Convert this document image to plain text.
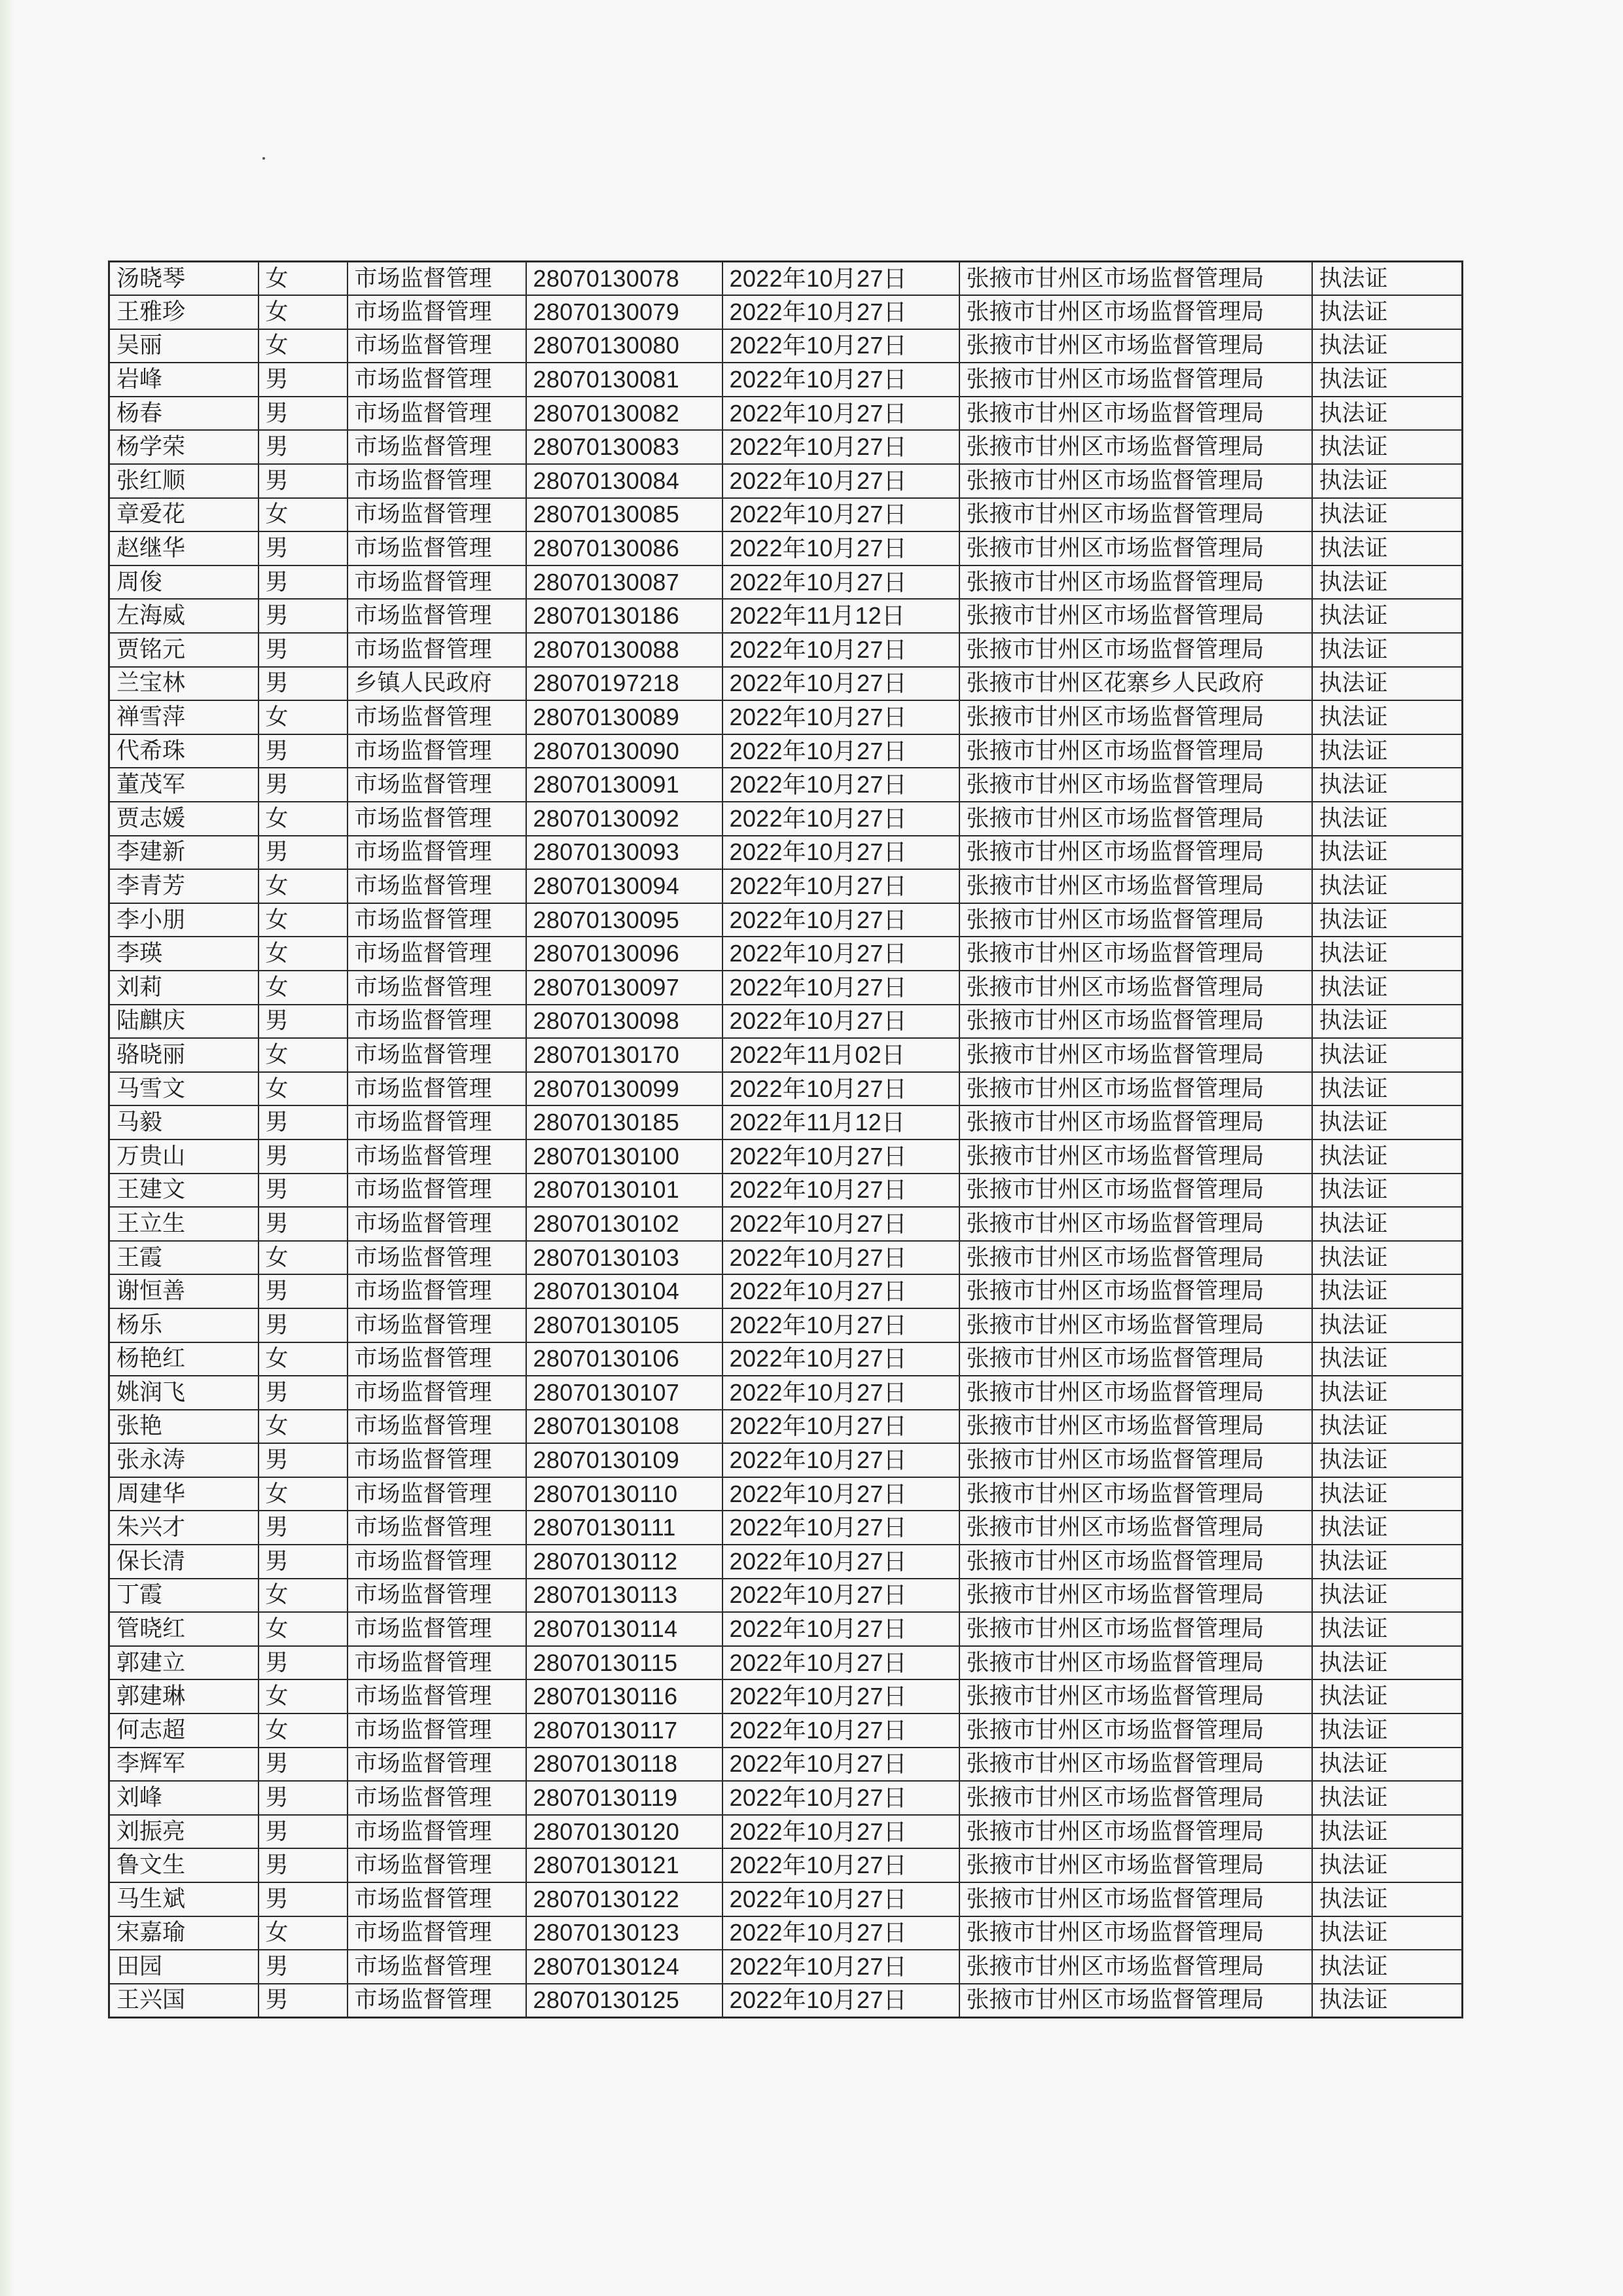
汤晓琴	女	市场监督管理	28070130078	2022年10月27日	张掖市甘州区市场监督管理局	执法证
王雅珍	女	市场监督管理	28070130079	2022年10月27日	张掖市甘州区市场监督管理局	执法证
吴丽	女	市场监督管理	28070130080	2022年10月27日	张掖市甘州区市场监督管理局	执法证
岩峰	男	市场监督管理	28070130081	2022年10月27日	张掖市甘州区市场监督管理局	执法证
杨春	男	市场监督管理	28070130082	2022年10月27日	张掖市甘州区市场监督管理局	执法证
杨学荣	男	市场监督管理	28070130083	2022年10月27日	张掖市甘州区市场监督管理局	执法证
张红顺	男	市场监督管理	28070130084	2022年10月27日	张掖市甘州区市场监督管理局	执法证
章爱花	女	市场监督管理	28070130085	2022年10月27日	张掖市甘州区市场监督管理局	执法证
赵继华	男	市场监督管理	28070130086	2022年10月27日	张掖市甘州区市场监督管理局	执法证
周俊	男	市场监督管理	28070130087	2022年10月27日	张掖市甘州区市场监督管理局	执法证
左海威	男	市场监督管理	28070130186	2022年11月12日	张掖市甘州区市场监督管理局	执法证
贾铭元	男	市场监督管理	28070130088	2022年10月27日	张掖市甘州区市场监督管理局	执法证
兰宝林	男	乡镇人民政府	28070197218	2022年10月27日	张掖市甘州区花寨乡人民政府	执法证
禅雪萍	女	市场监督管理	28070130089	2022年10月27日	张掖市甘州区市场监督管理局	执法证
代希珠	男	市场监督管理	28070130090	2022年10月27日	张掖市甘州区市场监督管理局	执法证
董茂军	男	市场监督管理	28070130091	2022年10月27日	张掖市甘州区市场监督管理局	执法证
贾志媛	女	市场监督管理	28070130092	2022年10月27日	张掖市甘州区市场监督管理局	执法证
李建新	男	市场监督管理	28070130093	2022年10月27日	张掖市甘州区市场监督管理局	执法证
李青芳	女	市场监督管理	28070130094	2022年10月27日	张掖市甘州区市场监督管理局	执法证
李小朋	女	市场监督管理	28070130095	2022年10月27日	张掖市甘州区市场监督管理局	执法证
李瑛	女	市场监督管理	28070130096	2022年10月27日	张掖市甘州区市场监督管理局	执法证
刘莉	女	市场监督管理	28070130097	2022年10月27日	张掖市甘州区市场监督管理局	执法证
陆麒庆	男	市场监督管理	28070130098	2022年10月27日	张掖市甘州区市场监督管理局	执法证
骆晓丽	女	市场监督管理	28070130170	2022年11月02日	张掖市甘州区市场监督管理局	执法证
马雪文	女	市场监督管理	28070130099	2022年10月27日	张掖市甘州区市场监督管理局	执法证
马毅	男	市场监督管理	28070130185	2022年11月12日	张掖市甘州区市场监督管理局	执法证
万贵山	男	市场监督管理	28070130100	2022年10月27日	张掖市甘州区市场监督管理局	执法证
王建文	男	市场监督管理	28070130101	2022年10月27日	张掖市甘州区市场监督管理局	执法证
王立生	男	市场监督管理	28070130102	2022年10月27日	张掖市甘州区市场监督管理局	执法证
王霞	女	市场监督管理	28070130103	2022年10月27日	张掖市甘州区市场监督管理局	执法证
谢恒善	男	市场监督管理	28070130104	2022年10月27日	张掖市甘州区市场监督管理局	执法证
杨乐	男	市场监督管理	28070130105	2022年10月27日	张掖市甘州区市场监督管理局	执法证
杨艳红	女	市场监督管理	28070130106	2022年10月27日	张掖市甘州区市场监督管理局	执法证
姚润飞	男	市场监督管理	28070130107	2022年10月27日	张掖市甘州区市场监督管理局	执法证
张艳	女	市场监督管理	28070130108	2022年10月27日	张掖市甘州区市场监督管理局	执法证
张永涛	男	市场监督管理	28070130109	2022年10月27日	张掖市甘州区市场监督管理局	执法证
周建华	女	市场监督管理	28070130110	2022年10月27日	张掖市甘州区市场监督管理局	执法证
朱兴才	男	市场监督管理	28070130111	2022年10月27日	张掖市甘州区市场监督管理局	执法证
保长清	男	市场监督管理	28070130112	2022年10月27日	张掖市甘州区市场监督管理局	执法证
丁霞	女	市场监督管理	28070130113	2022年10月27日	张掖市甘州区市场监督管理局	执法证
管晓红	女	市场监督管理	28070130114	2022年10月27日	张掖市甘州区市场监督管理局	执法证
郭建立	男	市场监督管理	28070130115	2022年10月27日	张掖市甘州区市场监督管理局	执法证
郭建琳	女	市场监督管理	28070130116	2022年10月27日	张掖市甘州区市场监督管理局	执法证
何志超	女	市场监督管理	28070130117	2022年10月27日	张掖市甘州区市场监督管理局	执法证
李辉军	男	市场监督管理	28070130118	2022年10月27日	张掖市甘州区市场监督管理局	执法证
刘峰	男	市场监督管理	28070130119	2022年10月27日	张掖市甘州区市场监督管理局	执法证
刘振亮	男	市场监督管理	28070130120	2022年10月27日	张掖市甘州区市场监督管理局	执法证
鲁文生	男	市场监督管理	28070130121	2022年10月27日	张掖市甘州区市场监督管理局	执法证
马生斌	男	市场监督管理	28070130122	2022年10月27日	张掖市甘州区市场监督管理局	执法证
宋嘉瑜	女	市场监督管理	28070130123	2022年10月27日	张掖市甘州区市场监督管理局	执法证
田园	男	市场监督管理	28070130124	2022年10月27日	张掖市甘州区市场监督管理局	执法证
王兴国	男	市场监督管理	28070130125	2022年10月27日	张掖市甘州区市场监督管理局	执法证
